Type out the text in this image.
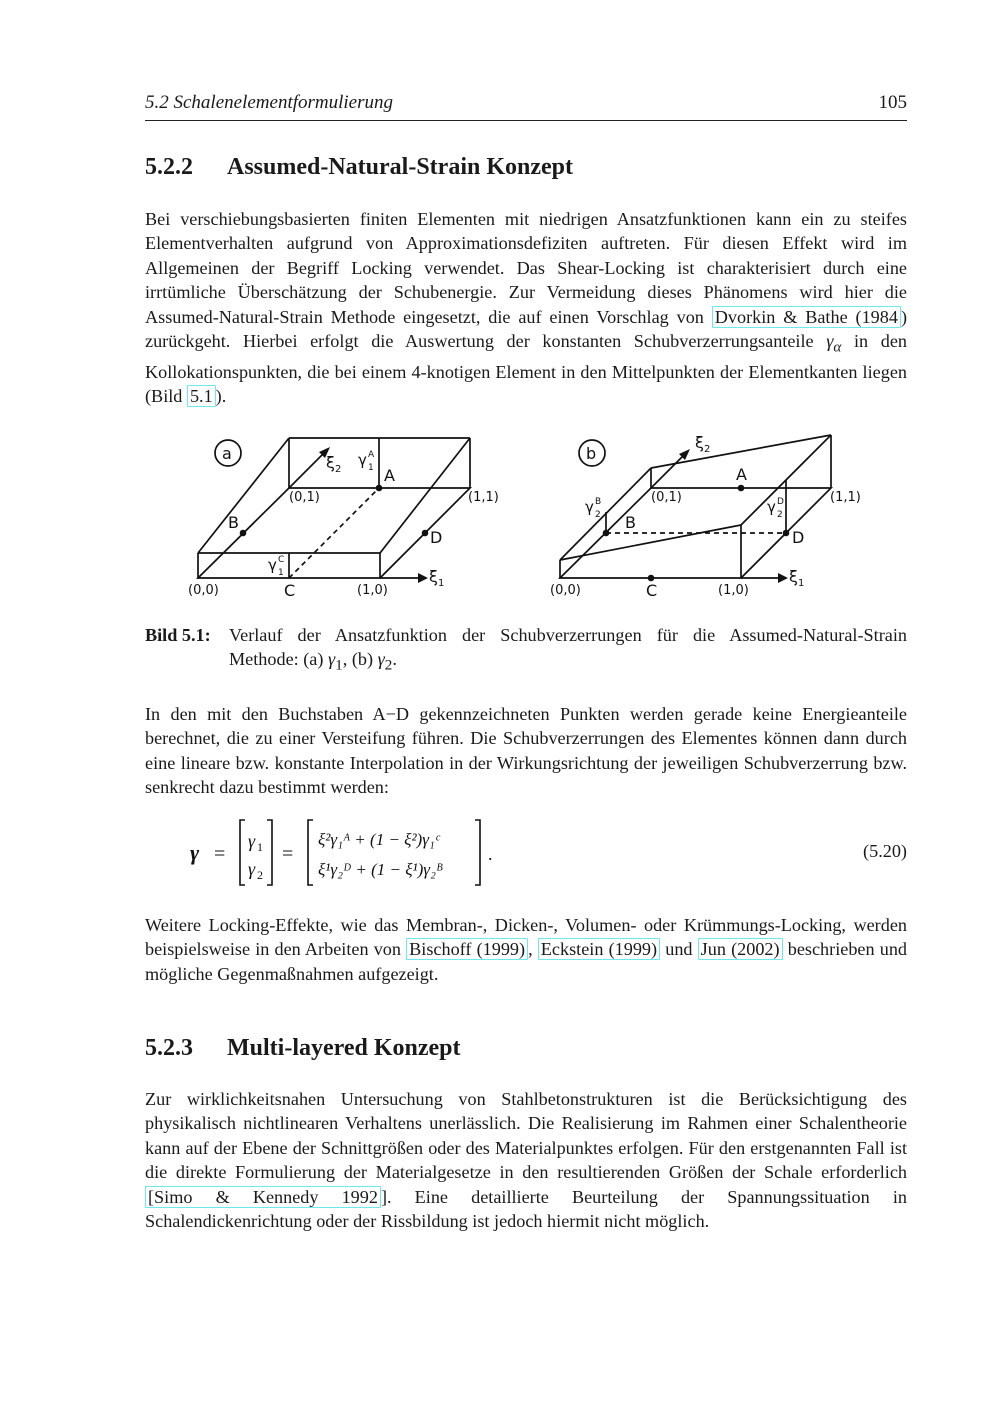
5.2 Schalenelementformulierung	105
5.2.2 Assumed-Natural-Strain Konzept

Bei verschiebungsbasierten finiten Elementen mit niedrigen Ansatzfunktionen kann ein zu steifes Elementverhalten aufgrund von Approximationsdefiziten auftreten. Für diesen Effekt wird im Allgemeinen der Begriff Locking verwendet. Das Shear-Locking ist charakterisiert durch eine irrtümliche Überschätzung der Schubenergie. Zur Vermeidung dieses Phänomens wird hier die Assumed-Natural-Strain Methode eingesetzt, die auf einen Vorschlag von Dvorkin & Bathe (1984 ) zurückgeht. Hierbei erfolgt die Auswertung der konstanten Schubverzerrungsanteile $\gamma_\alpha$ in den Kollokationspunkten, die bei einem 4-knotigen Element in den Mittelpunkten der Elementkanten liegen (Bild 5.1 ).

a
A
B
C
D
(0,0)	(1,0)
(0,1)	(1,1)
ξ 1
ξ 2
γ A
1
γ C
1
b
A
B
C
D
(0,0)	(1,0)
(0,1)	(1,1)
ξ 1
ξ 2
γ B
2	γ D
2
Bild 5.1: Verlauf der Ansatzfunktion der Schubverzerrungen für die Assumed-Natural-Strain Methode: (a) $\gamma_1$, (b) $\gamma_2$.

In den mit den Buchstaben A−D gekennzeichneten Punkten werden gerade keine Energieanteile berechnet, die zu einer Versteifung führen. Die Schubverzerrungen des Elementes können dann durch eine lineare bzw. konstante Interpolation in der Wirkungsrichtung der jeweiligen Schubverzerrung bzw. senkrecht dazu bestimmt werden:

γ =
γ 1
γ 2
=
ξ²γ₁ᴬ + (1 − ξ²)γ₁ᶜ
ξ¹γ₂ᴰ + (1 − ξ¹)γ₂ᴮ
.	(5.20)

Weitere Locking-Effekte, wie das Membran-, Dicken-, Volumen- oder Krümmungs-Locking, werden beispielsweise in den Arbeiten von Bischoff (1999) , Eckstein (1999) und Jun (2002) beschrieben und mögliche Gegenmaßnahmen aufgezeigt.

5.2.3 Multi-layered Konzept

Zur wirklichkeitsnahen Untersuchung von Stahlbetonstrukturen ist die Berücksichtigung des physikalisch nichtlinearen Verhaltens unerlässlich. Die Realisierung im Rahmen einer Schalentheorie kann auf der Ebene der Schnittgrößen oder des Materialpunktes erfolgen. Für den erstgenannten Fall ist die direkte Formulierung der Materialgesetze in den resultierenden Größen der Schale erforderlich [Simo & Kennedy 1992 ]. Eine detaillierte Beurteilung der Spannungssituation in Schalendickenrichtung oder der Rissbildung ist jedoch hiermit nicht möglich.
